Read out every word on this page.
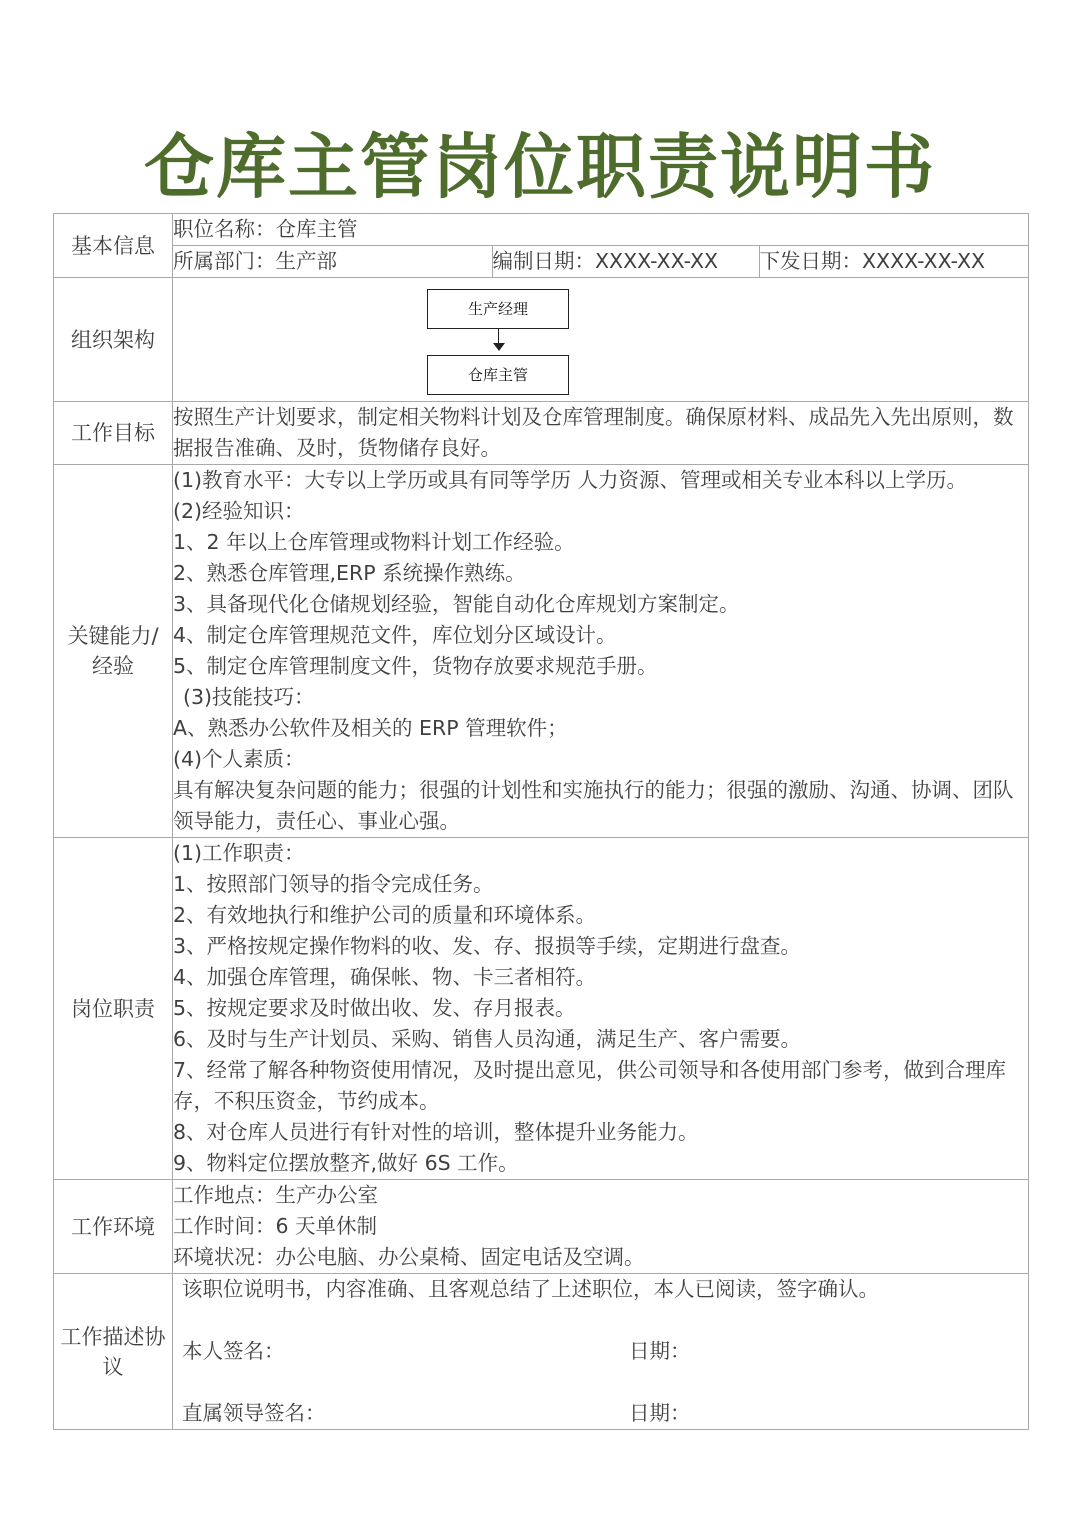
仓库主管岗位职责说明书
基本信息	
职位名称：仓库主管
所属部门：生产部	编制日期：XXXX-XX-XX	下发日期：XXXX-XX-XX

组织架构	
生产经理
仓库主管

工作目标	按照生产计划要求，制定相关物料计划及仓库管理制度。确保原材料、成品先入先出原则，数据报告准确、及时，货物储存良好。

关键能力/
经验

(1)教育水平：大专以上学历或具有同等学历 人力资源、管理或相关专业本科以上学历。
(2)经验知识：
1、2 年以上仓库管理或物料计划工作经验。
2、熟悉仓库管理,ERP 系统操作熟练。
3、具备现代化仓储规划经验，智能自动化仓库规划方案制定。
4、制定仓库管理规范文件，库位划分区域设计。
5、制定仓库管理制度文件，货物存放要求规范手册。
(3)技能技巧：
A、熟悉办公软件及相关的 ERP 管理软件；
(4)个人素质：
具有解决复杂问题的能力；很强的计划性和实施执行的能力；很强的激励、沟通、协调、团队领导能力，责任心、事业心强。

岗位职责	
(1)工作职责：
1、按照部门领导的指令完成任务。
2、有效地执行和维护公司的质量和环境体系。
3、严格按规定操作物料的收、发、存、报损等手续，定期进行盘查。
4、加强仓库管理，确保帐、物、卡三者相符。
5、按规定要求及时做出收、发、存月报表。
6、及时与生产计划员、采购、销售人员沟通，满足生产、客户需要。
7、经常了解各种物资使用情况，及时提出意见，供公司领导和各使用部门参考，做到合理库存，不积压资金，节约成本。
8、对仓库人员进行有针对性的培训，整体提升业务能力。
9、物料定位摆放整齐,做好 6S 工作。

工作环境	
工作地点：生产办公室
工作时间：6 天单休制
环境状况：办公电脑、办公桌椅、固定电话及空调。

工作描述协
议

该职位说明书，内容准确、且客观总结了上述职位，本人已阅读，签字确认。
本人签名：	日期：
直属领导签名：	日期：
